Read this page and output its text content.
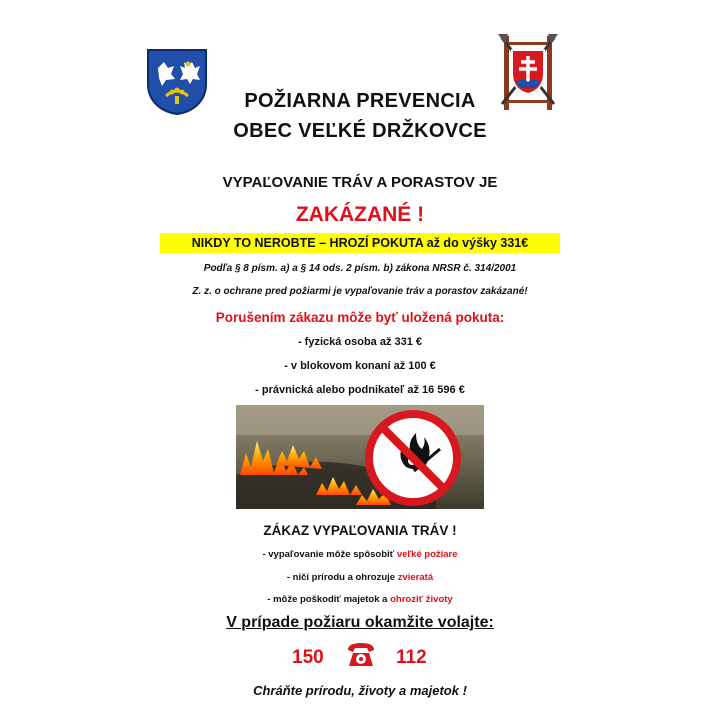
POŽIARNA PREVENCIA
OBEC VEĽKÉ DRŽKOVCE
VYPAĽOVANIE TRÁV A PORASTOV JE
ZAKÁZANÉ !
NIKDY TO NEROBTE – HROZÍ POKUTA až do výšky 331€
Podľa § 8 písm. a) a § 14 ods. 2 písm. b) zákona NRSR č. 314/2001
Z. z. o ochrane pred požiarmi je vypaľovanie tráv a porastov zakázané!
Porušením zákazu môže byť uložená pokuta:
- fyzická osoba až 331 €
- v blokovom konaní až 100 €
- právnická alebo podnikateľ až 16 596 €
ZÁKAZ VYPAĽOVANIA TRÁV !
- vypaľovanie môže spôsobiť veľké požiare
- ničí prírodu a ohrozuje zvieratá
- môže poškodiť majetok a ohroziť životy
V prípade požiaru okamžite volajte:
150	112
Chráňte prírodu, životy a majetok !
